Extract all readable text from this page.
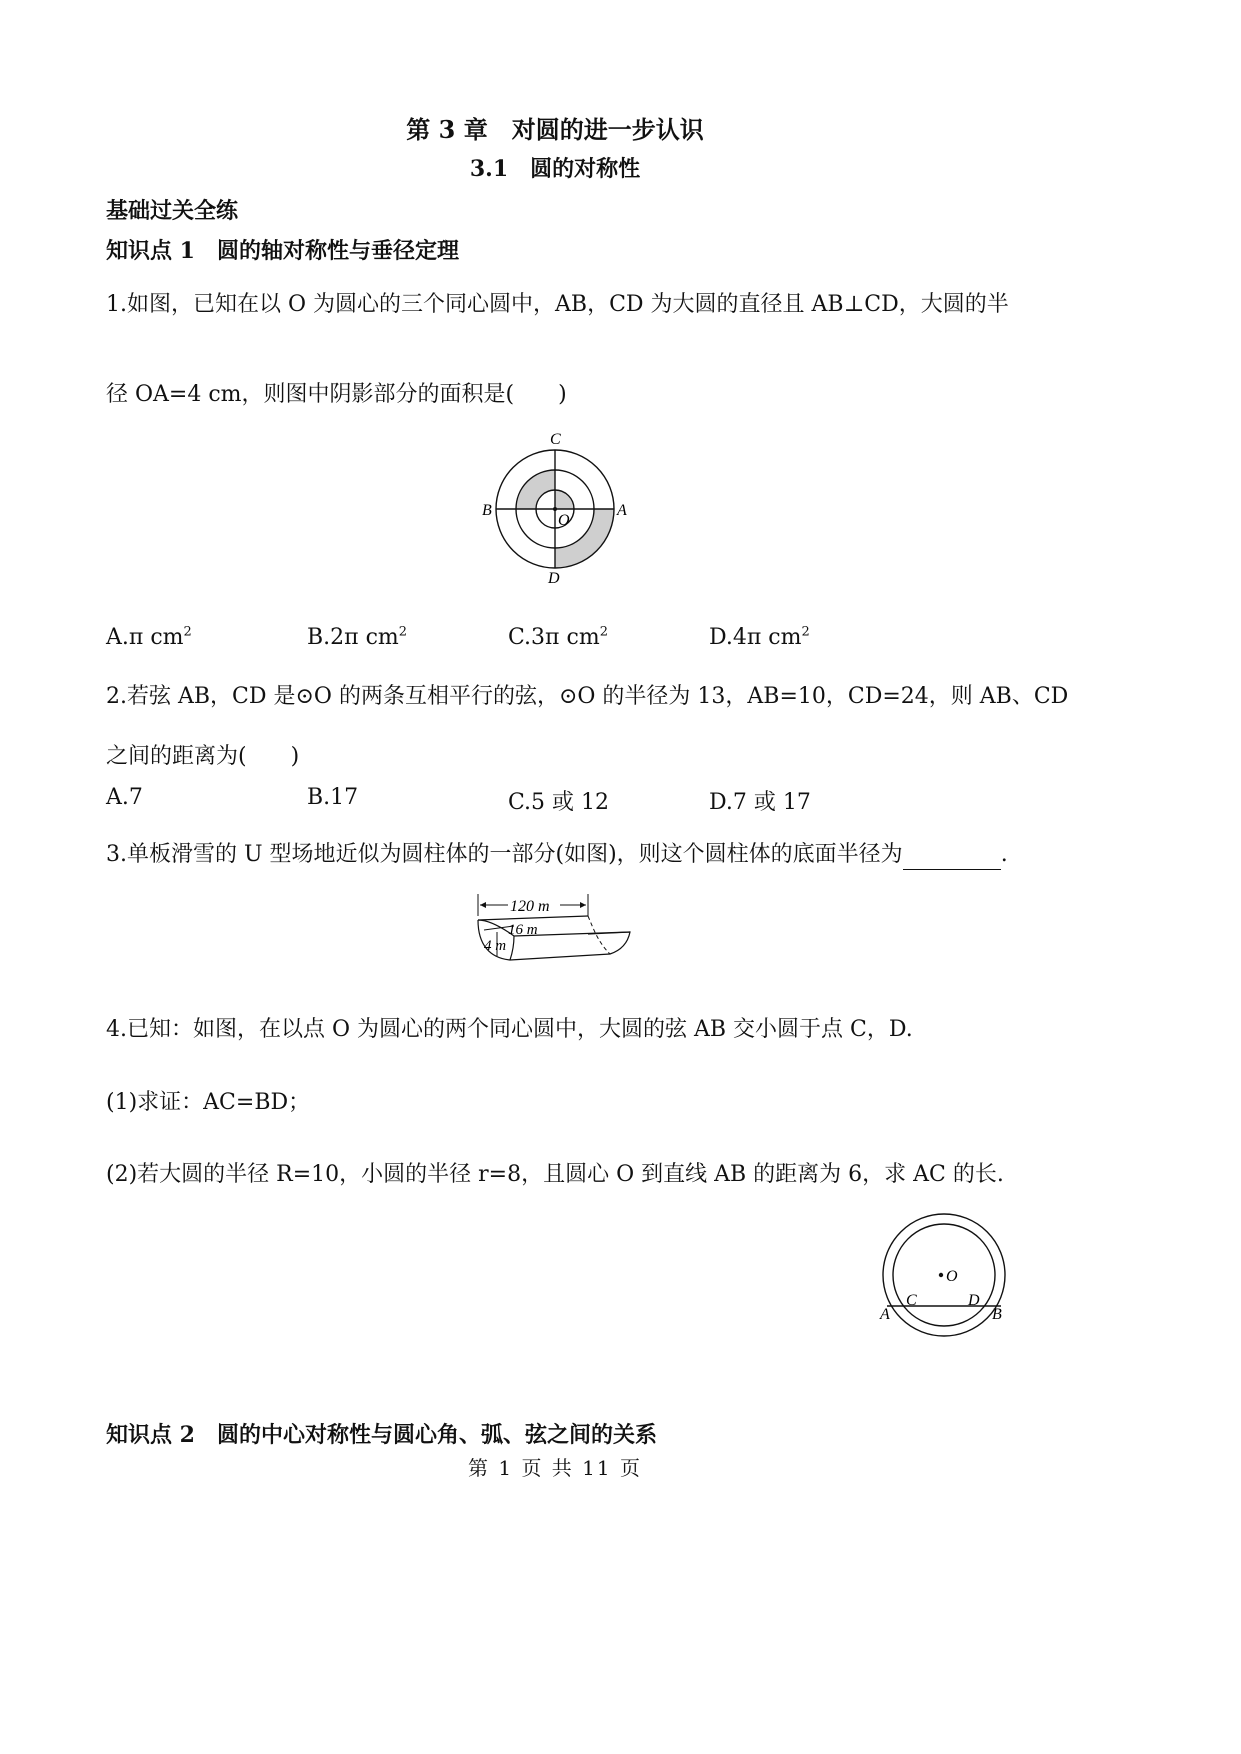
第 3 章　对圆的进一步认识
3.1　圆的对称性
基础过关全练
知识点 1　圆的轴对称性与垂径定理
1.如图，已知在以 O 为圆心的三个同心圆中，AB，CD 为大圆的直径且 AB⊥CD，大圆的半
径 OA=4 cm，则图中阴影部分的面积是(　　)
C
B	A
D
O
A.π $cm^2$	B.2π $cm^2$	C.3π $cm^2$	D.4π $cm^2$
2.若弦 AB，CD 是⊙O 的两条互相平行的弦，⊙O 的半径为 13，AB=10，CD=24，则 AB、CD
之间的距离为(　　)
A.7	B.17	C.5 或 12	D.7 或 17
3.单板滑雪的 U 型场地近似为圆柱体的一部分(如图)，则这个圆柱体的底面半径为	.
120 m
16 m
4 m
4.已知：如图，在以点 O 为圆心的两个同心圆中，大圆的弦 AB 交小圆于点 C，D.
(1)求证：AC=BD；
(2)若大圆的半径 R=10，小圆的半径 r=8，且圆心 O 到直线 AB 的距离为 6，求 AC 的长.
O
A
C	D
B
知识点 2　圆的中心对称性与圆心角、弧、弦之间的关系
第 1 页 共 11 页
